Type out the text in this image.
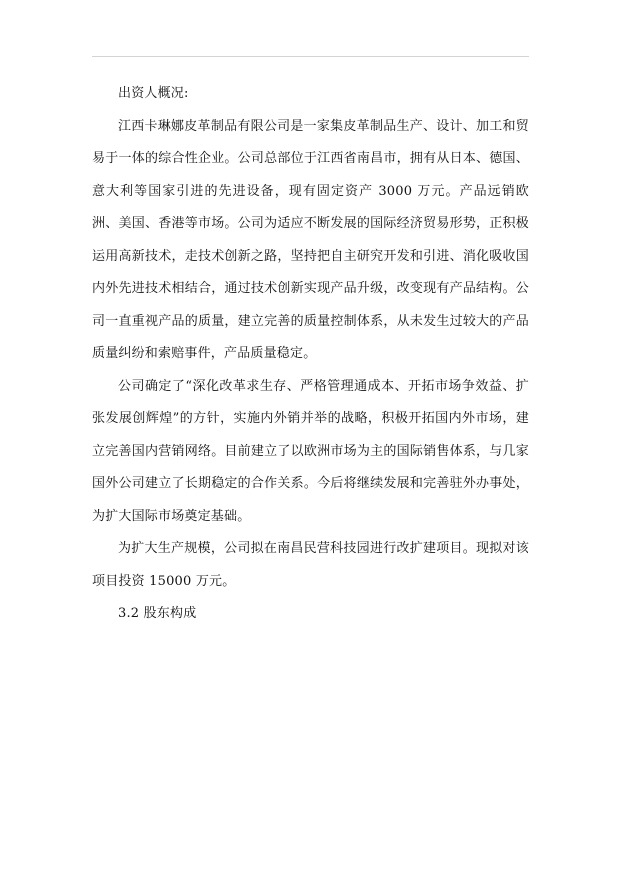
出资人概况:

江西卡琳娜皮革制品有限公司是一家集皮革制品生产、设计、加工和贸易于一体的综合性企业。公司总部位于江西省南昌市，拥有从日本、德国、意大利等国家引进的先进设备，现有固定资产 3000 万元。产品远销欧洲、美国、香港等市场。公司为适应不断发展的国际经济贸易形势，正积极运用高新技术，走技术创新之路，坚持把自主研究开发和引进、消化吸收国内外先进技术相结合，通过技术创新实现产品升级，改变现有产品结构。公司一直重视产品的质量，建立完善的质量控制体系，从未发生过较大的产品质量纠纷和索赔事件，产品质量稳定。

公司确定了“深化改革求生存、严格管理通成本、开拓市场争效益、扩张发展创辉煌”的方针，实施内外销并举的战略，积极开拓国内外市场，建立完善国内营销网络。目前建立了以欧洲市场为主的国际销售体系，与几家国外公司建立了长期稳定的合作关系。今后将继续发展和完善驻外办事处，为扩大国际市场奠定基础。

为扩大生产规模，公司拟在南昌民营科技园进行改扩建项目。现拟对该项目投资 15000 万元。

3.2 股东构成
